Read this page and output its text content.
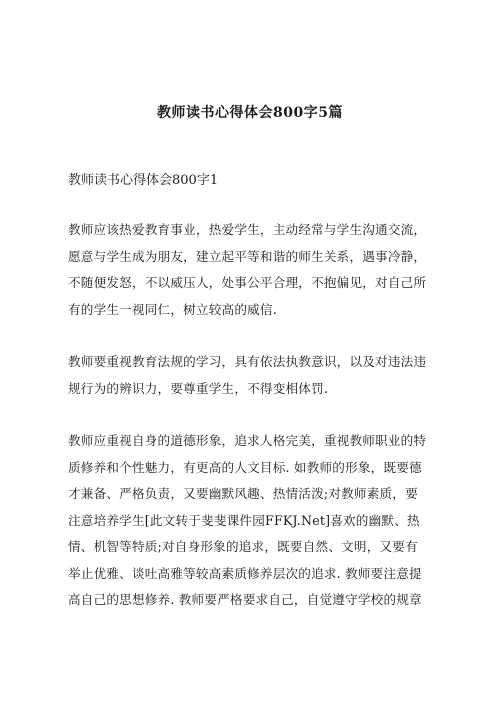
教师读书心得体会800字5篇

教师读书心得体会800字1

教师应该热爱教育事业，热爱学生，主动经常与学生沟通交流，
愿意与学生成为朋友，建立起平等和谐的师生关系，遇事冷静，
不随便发怒，不以威压人，处事公平合理，不抱偏见，对自己所
有的学生一视同仁，树立较高的威信.

教师要重视教育法规的学习，具有依法执教意识，以及对违法违
规行为的辨识力，要尊重学生，不得变相体罚.

教师应重视自身的道德形象，追求人格完美，重视教师职业的特
质修养和个性魅力，有更高的人文目标. 如教师的形象，既要德
才兼备、严格负责，又要幽默风趣、热情活泼;对教师素质，要
注意培养学生[此文转于斐斐课件园FFKJ.Net]喜欢的幽默、热
情、机智等特质;对自身形象的追求，既要自然、文明，又要有
举止优雅、谈吐高雅等较高素质修养层次的追求. 教师要注意提
高自己的思想修养. 教师要严格要求自己，自觉遵守学校的规章
